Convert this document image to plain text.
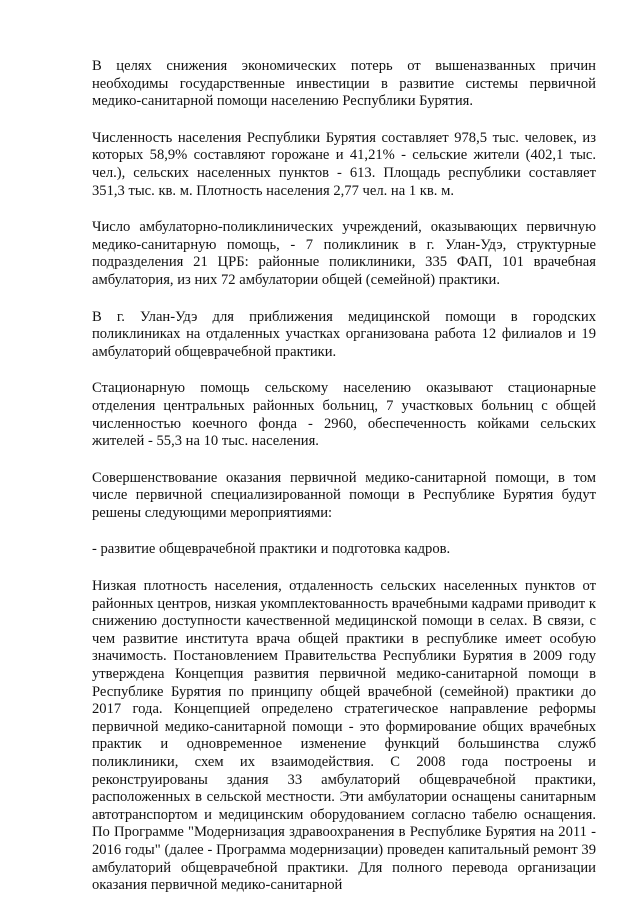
В целях снижения экономических потерь от вышеназванных причин необходимы государственные инвестиции в развитие системы первичной медико-санитарной помощи населению Республики Бурятия.

Численность населения Республики Бурятия составляет 978,5 тыс. человек, из которых 58,9% составляют горожане и 41,21% - сельские жители (402,1 тыс. чел.), сельских населенных пунктов - 613. Площадь республики составляет 351,3 тыс. кв. м. Плотность населения 2,77 чел. на 1 кв. м.

Число амбулаторно-поликлинических учреждений, оказывающих первичную медико-санитарную помощь, - 7 поликлиник в г. Улан-Удэ, структурные подразделения 21 ЦРБ: районные поликлиники, 335 ФАП, 101 врачебная амбулатория, из них 72 амбулатории общей (семейной) практики.

В г. Улан-Удэ для приближения медицинской помощи в городских поликлиниках на отдаленных участках организована работа 12 филиалов и 19 амбулаторий общеврачебной практики.

Стационарную помощь сельскому населению оказывают стационарные отделения центральных районных больниц, 7 участковых больниц с общей численностью коечного фонда - 2960, обеспеченность койками сельских жителей - 55,3 на 10 тыс. населения.

Совершенствование оказания первичной медико-санитарной помощи, в том числе первичной специализированной помощи в Республике Бурятия будут решены следующими мероприятиями:

- развитие общеврачебной практики и подготовка кадров.

Низкая плотность населения, отдаленность сельских населенных пунктов от районных центров, низкая укомплектованность врачебными кадрами приводит к снижению доступности качественной медицинской помощи в селах. В связи, с чем развитие института врача общей практики в республике имеет особую значимость. Постановлением Правительства Республики Бурятия в 2009 году утверждена Концепция развития первичной медико-санитарной помощи в Республике Бурятия по принципу общей врачебной (семейной) практики до 2017 года. Концепцией определено стратегическое направление реформы первичной медико-санитарной помощи - это формирование общих врачебных практик и одновременное изменение функций большинства служб поликлиники, схем их взаимодействия. С 2008 года построены и реконструированы здания 33 амбулаторий общеврачебной практики, расположенных в сельской местности. Эти амбулатории оснащены санитарным автотранспортом и медицинским оборудованием согласно табелю оснащения. По Программе "Модернизация здравоохранения в Республике Бурятия на 2011 - 2016 годы" (далее - Программа модернизации) проведен капитальный ремонт 39 амбулаторий общеврачебной практики. Для полного перевода организации оказания первичной медико-санитарной
